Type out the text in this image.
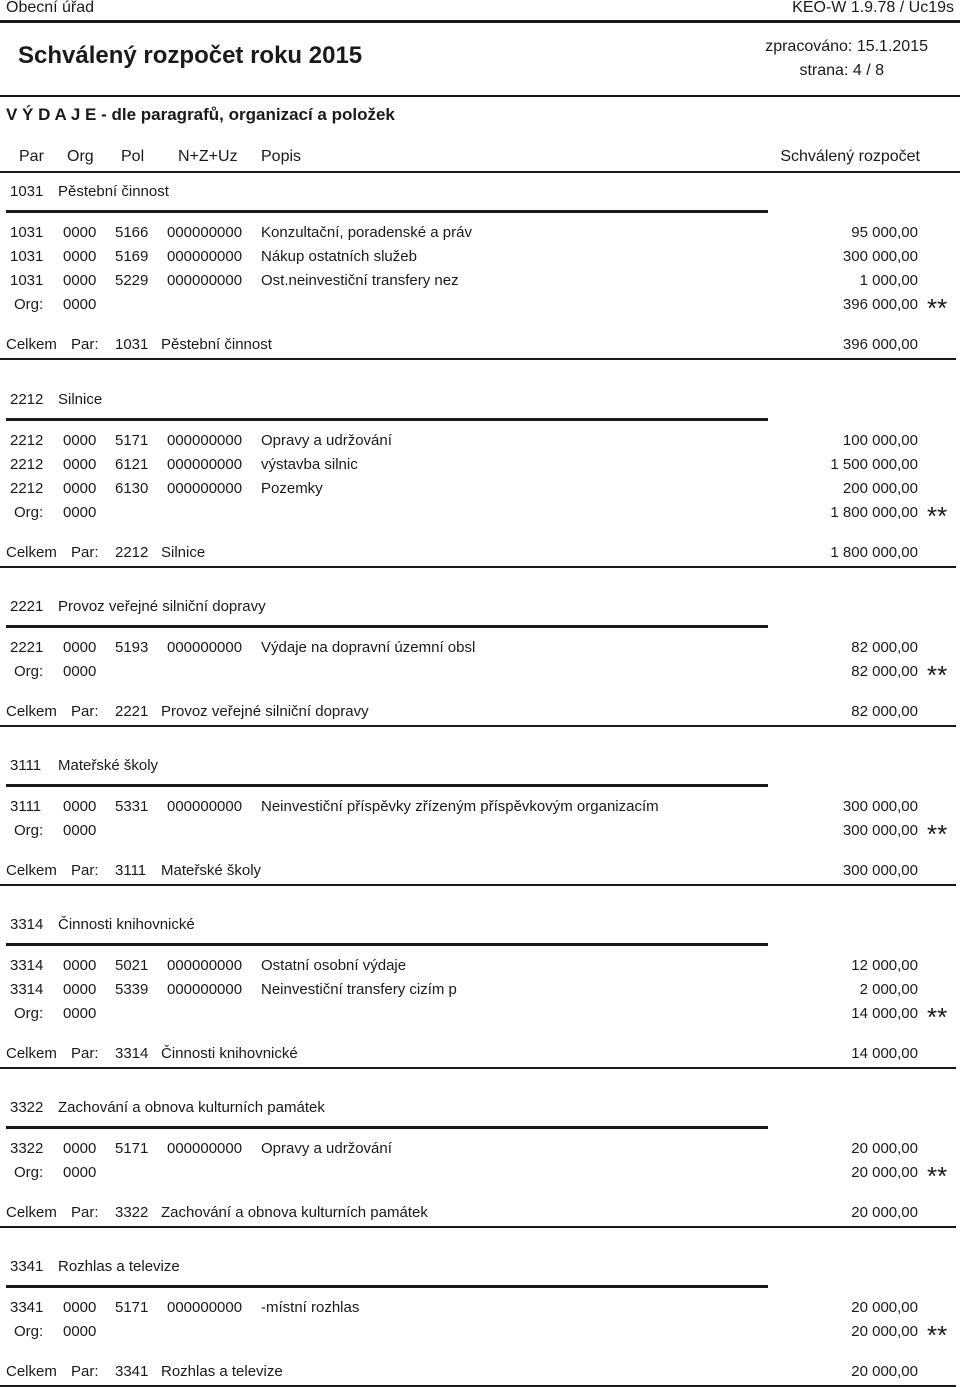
Obecní úřad	KEO-W 1.9.78 / Uc19s
Schválený rozpočet roku 2015	zpracováno: 15.1.2015
strana: 4 / 8
V Ý D A J E - dle paragrafů, organizací a položek
Par Org Pol N+Z+Uz Popis	Schválený rozpočet
1031 Pěstební činnost
1031 0000 5166 000000000 Konzultační, poradenské a práv	95 000,00
1031 0000 5169 000000000 Nákup ostatních služeb	300 000,00
1031 0000 5229 000000000 Ost.neinvestiční transfery nez	1 000,00
Org: 0000	396 000,00 **
Celkem Par: 1031 Pěstební činnost	396 000,00
2212 Silnice
2212 0000 5171 000000000 Opravy a udržování	100 000,00
2212 0000 6121 000000000 výstavba silnic	1 500 000,00
2212 0000 6130 000000000 Pozemky	200 000,00
Org: 0000	1 800 000,00 **
Celkem Par: 2212 Silnice	1 800 000,00
2221 Provoz veřejné silniční dopravy
2221 0000 5193 000000000 Výdaje na dopravní územní obsl	82 000,00
Org: 0000	82 000,00 **
Celkem Par: 2221 Provoz veřejné silniční dopravy	82 000,00
3111 Mateřské školy
3111 0000 5331 000000000 Neinvestiční příspěvky zřízeným příspěvkovým organizacím	300 000,00
Org: 0000	300 000,00 **
Celkem Par: 3111 Mateřské školy	300 000,00
3314 Činnosti knihovnické
3314 0000 5021 000000000 Ostatní osobní výdaje	12 000,00
3314 0000 5339 000000000 Neinvestiční transfery cizím p	2 000,00
Org: 0000	14 000,00 **
Celkem Par: 3314 Činnosti knihovnické	14 000,00
3322 Zachování a obnova kulturních památek
3322 0000 5171 000000000 Opravy a udržování	20 000,00
Org: 0000	20 000,00 **
Celkem Par: 3322 Zachování a obnova kulturních památek	20 000,00
3341 Rozhlas a televize
3341 0000 5171 000000000 -místní rozhlas	20 000,00
Org: 0000	20 000,00 **
Celkem Par: 3341 Rozhlas a televize	20 000,00
